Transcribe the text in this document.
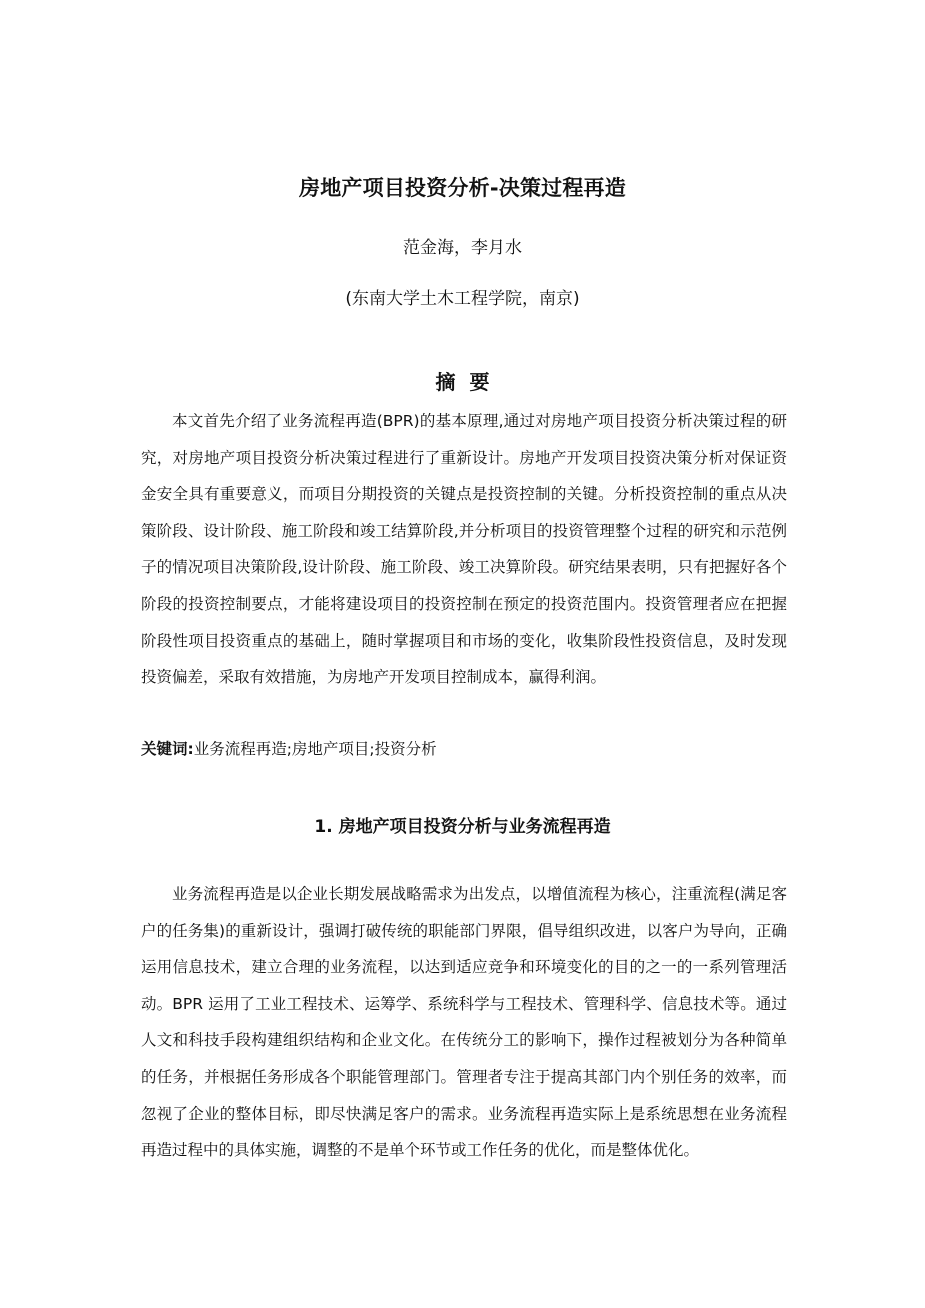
房地产项目投资分析-决策过程再造
范金海，李月水
(东南大学土木工程学院，南京)
摘要

本文首先介绍了业务流程再造(BPR)的基本原理,通过对房地产项目投资分析决策过程的研究，对房地产项目投资分析决策过程进行了重新设计。房地产开发项目投资决策分析对保证资金安全具有重要意义，而项目分期投资的关键点是投资控制的关键。分析投资控制的重点从决策阶段、设计阶段、施工阶段和竣工结算阶段,并分析项目的投资管理整个过程的研究和示范例子的情况项目决策阶段,设计阶段、施工阶段、竣工决算阶段。研究结果表明，只有把握好各个阶段的投资控制要点，才能将建设项目的投资控制在预定的投资范围内。投资管理者应在把握阶段性项目投资重点的基础上，随时掌握项目和市场的变化，收集阶段性投资信息，及时发现投资偏差，采取有效措施，为房地产开发项目控制成本，赢得利润。

关键词:业务流程再造;房地产项目;投资分析
1. 房地产项目投资分析与业务流程再造

业务流程再造是以企业长期发展战略需求为出发点，以增值流程为核心，注重流程(满足客户的任务集)的重新设计，强调打破传统的职能部门界限，倡导组织改进，以客户为导向，正确运用信息技术，建立合理的业务流程，以达到适应竞争和环境变化的目的之一的一系列管理活动。BPR 运用了工业工程技术、运筹学、系统科学与工程技术、管理科学、信息技术等。通过人文和科技手段构建组织结构和企业文化。在传统分工的影响下，操作过程被划分为各种简单的任务，并根据任务形成各个职能管理部门。管理者专注于提高其部门内个别任务的效率，而忽视了企业的整体目标，即尽快满足客户的需求。业务流程再造实际上是系统思想在业务流程再造过程中的具体实施，调整的不是单个环节或工作任务的优化，而是整体优化。
